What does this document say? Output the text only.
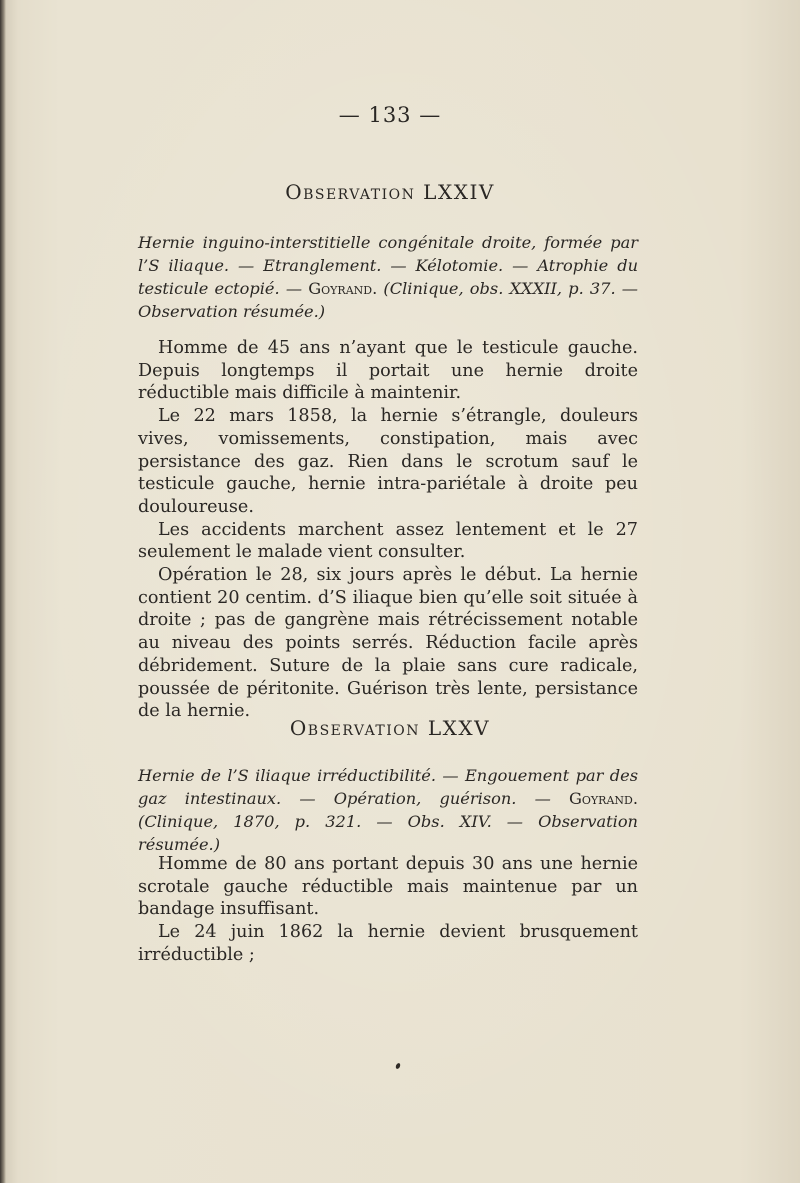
— 133 —
Observation LXXIV

Hernie inguino-interstitielle congénitale droite, formée par l’S iliaque. — Etranglement. — Kélotomie. — Atrophie du testicule ectopié. — Goyrand. (Clinique, obs. XXXII, p. 37. — Observation résumée.)

Homme de 45 ans n’ayant que le testicule gauche. Depuis longtemps il portait une hernie droite réductible mais difficile à maintenir.

Le 22 mars 1858, la hernie s’étrangle, douleurs vives, vomissements, constipation, mais avec persistance des gaz. Rien dans le scrotum sauf le testicule gauche, hernie intra-pariétale à droite peu douloureuse.

Les accidents marchent assez lentement et le 27 seulement le malade vient consulter.

Opération le 28, six jours après le début. La hernie contient 20 centim. d’S iliaque bien qu’elle soit située à droite ; pas de gangrène mais rétrécissement notable au niveau des points serrés. Réduction facile après débridement. Suture de la plaie sans cure radicale, poussée de péritonite. Guérison très lente, persistance de la hernie.

Observation LXXV

Hernie de l’S iliaque irréductibilité. — Engouement par des gaz intestinaux. — Opération, guérison. — Goyrand. (Clinique, 1870, p. 321. — Obs. XIV. — Observation résumée.)

Homme de 80 ans portant depuis 30 ans une hernie scrotale gauche réductible mais maintenue par un bandage insuffisant.

Le 24 juin 1862 la hernie devient brusquement irréductible ;
